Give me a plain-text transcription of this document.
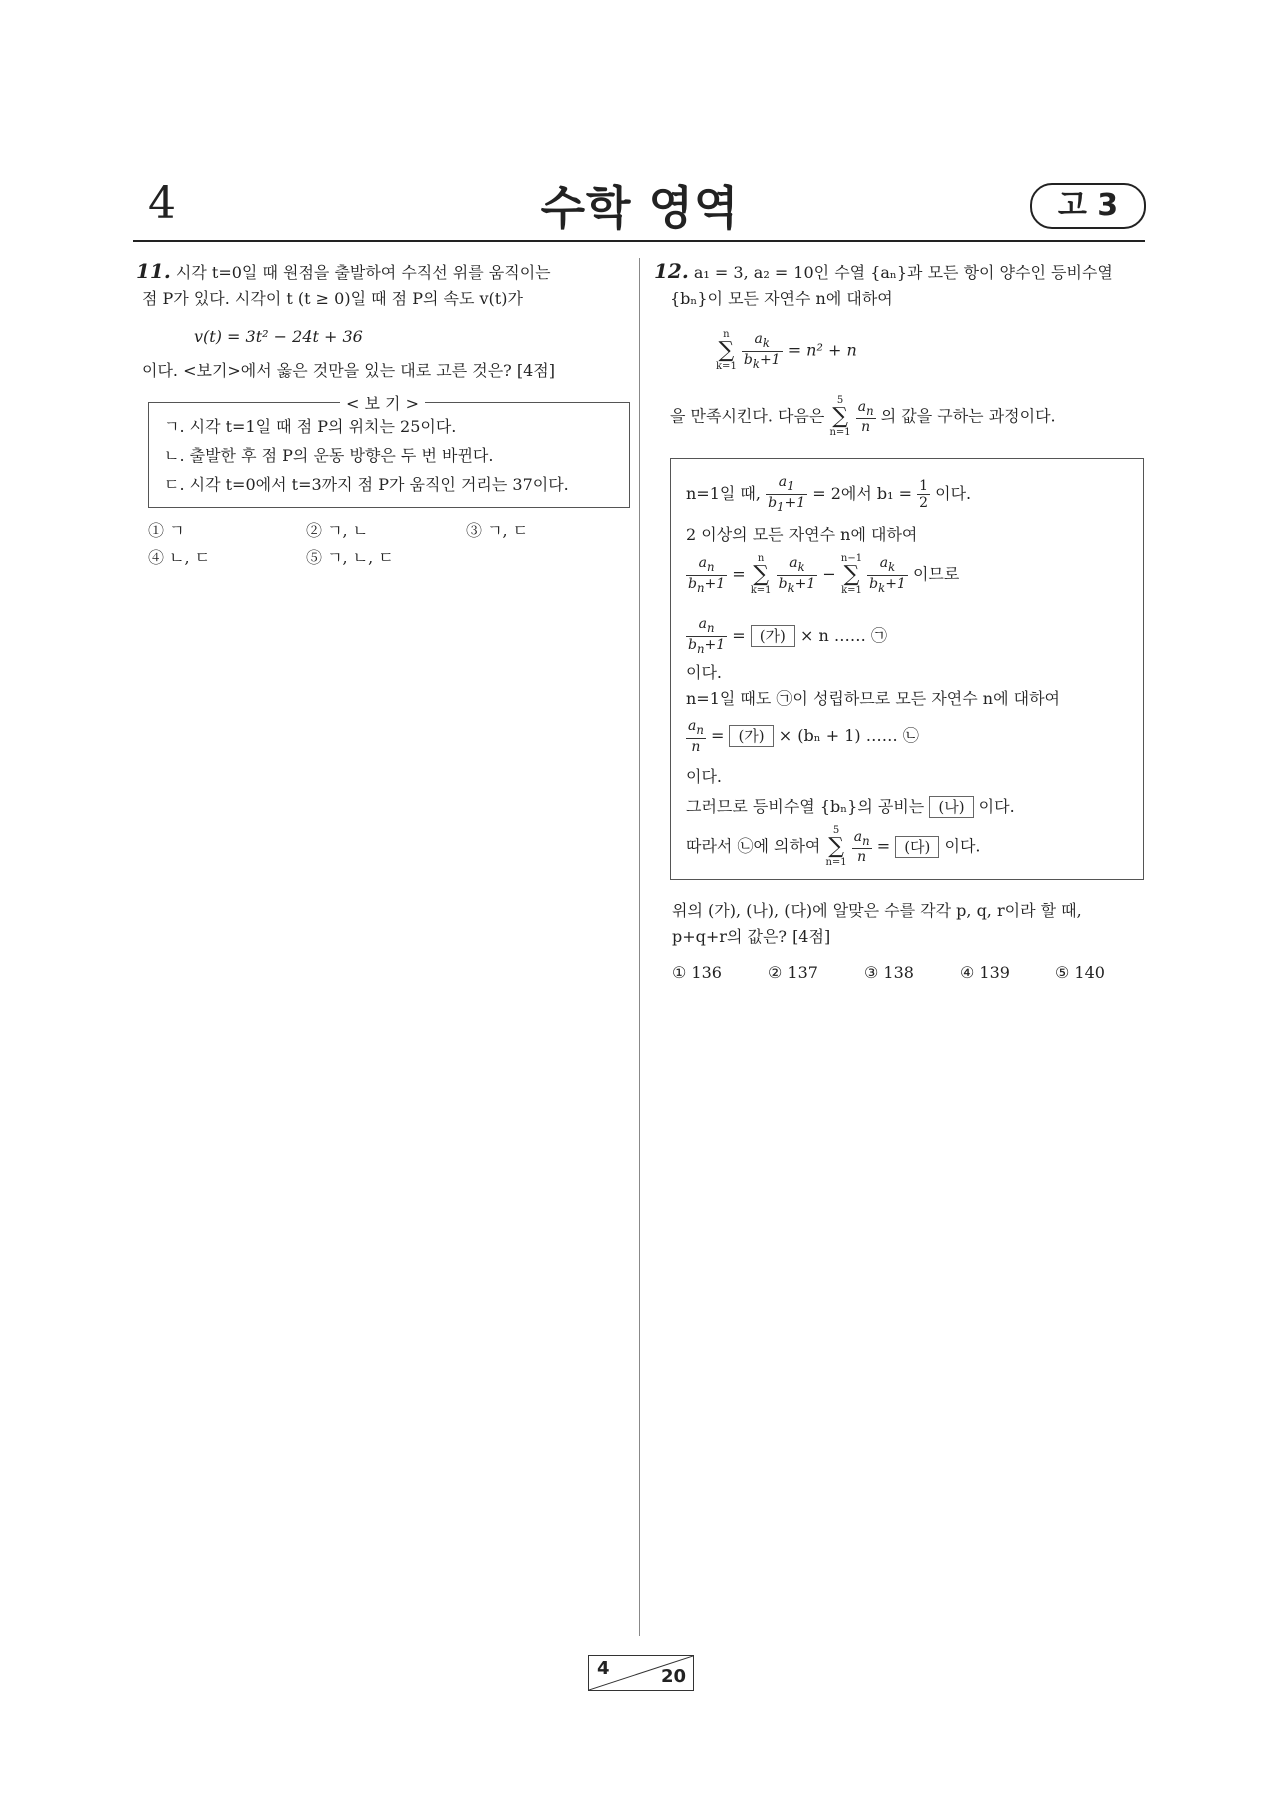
4	수학 영역	고 3
11. 시각 t=0일 때 원점을 출발하여 수직선 위를 움직이는
점 P가 있다. 시각이 t (t ≥ 0)일 때 점 P의 속도 v(t)가
v(t) = 3t² − 24t + 36
이다. <보기>에서 옳은 것만을 있는 대로 고른 것은? [4점]
< 보 기 >
ㄱ. 시각 t=1일 때 점 P의 위치는 25이다.
ㄴ. 출발한 후 점 P의 운동 방향은 두 번 바뀐다.
ㄷ. 시각 t=0에서 t=3까지 점 P가 움직인 거리는 37이다.
① ㄱ	② ㄱ, ㄴ	③ ㄱ, ㄷ
④ ㄴ, ㄷ	⑤ ㄱ, ㄴ, ㄷ
12. a₁ = 3, a₂ = 10인 수열 {aₙ}과 모든 항이 양수인 등비수열
{bₙ}이 모든 자연수 n에 대하여
n
∑
k=1
$\frac{a_k}{b_k+1} = n^2 + n$
을 만족시킨다. 다음은
5
∑
n=1
$\frac{a_n}{n}$ 의 값을 구하는 과정이다.
n=1일 때, $\frac{a_1}{b_1+1} = 2$에서 $b_1 = \frac{1}{2}$ 이다.
2 이상의 모든 자연수 n에 대하여
$\frac{a_n}{b_n+1}$ =
n
∑
k=1
$\frac{a_k}{b_k+1}$ −
n−1
∑
k=1
$\frac{a_k}{b_k+1}$ 이므로
$\frac{a_n}{b_n+1}$ = (가) × n …… ㉠
이다.
n=1일 때도 ㉠이 성립하므로 모든 자연수 n에 대하여
$\frac{a_n}{n}$ = (가) × (bₙ + 1) …… ㉡
이다.
그러므로 등비수열 {bₙ}의 공비는 (나) 이다.
따라서 ㉡에 의하여
5
∑
n=1
$\frac{a_n}{n}$ = (다) 이다.
위의 (가), (나), (다)에 알맞은 수를 각각 p, q, r이라 할 때,
p+q+r의 값은? [4점]
① 136	② 137	③ 138	④ 139	⑤ 140
4	20
